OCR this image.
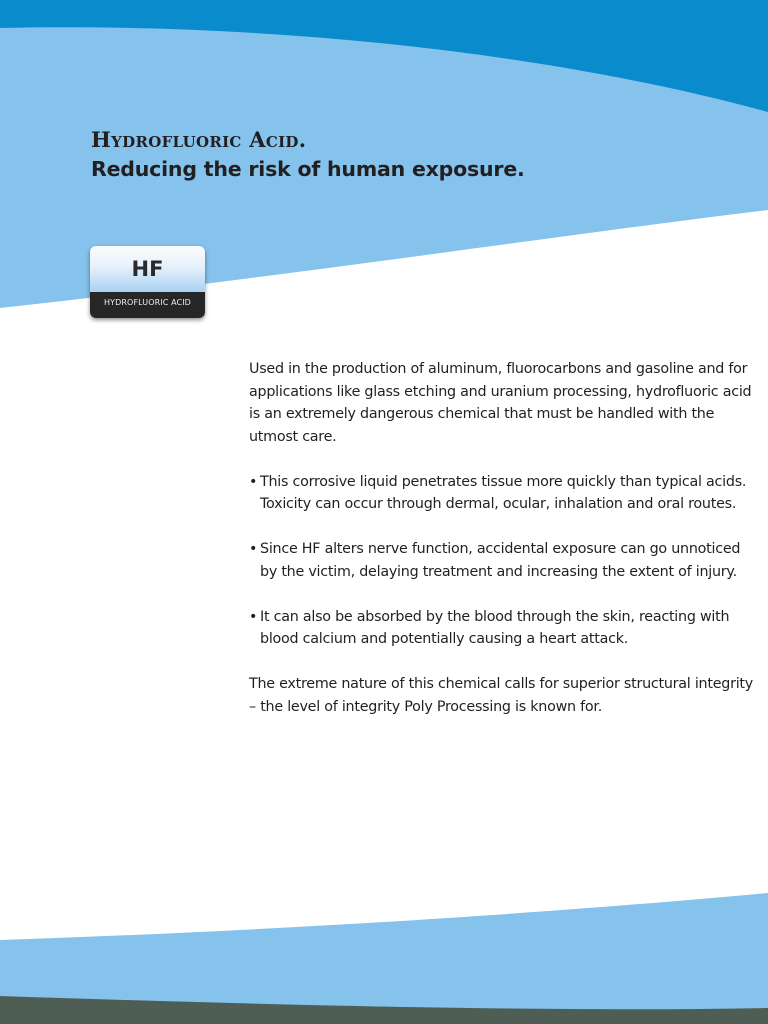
Hydrofluoric Acid.
Reducing the risk of human exposure.
HF
HYDROFLUORIC ACID

Used in the production of aluminum, fluorocarbons and gasoline and for applications like glass etching and uranium processing, hydrofluoric acid is an extremely dangerous chemical that must be handled with the utmost care.

• This corrosive liquid penetrates tissue more quickly than typical acids. Toxicity can occur through dermal, ocular, inhalation and oral routes.
• Since HF alters nerve function, accidental exposure can go unnoticed by the victim, delaying treatment and increasing the extent of injury.
• It can also be absorbed by the blood through the skin, reacting with blood calcium and potentially causing a heart attack.

The extreme nature of this chemical calls for superior structural integrity – the level of integrity Poly Processing is known for.
